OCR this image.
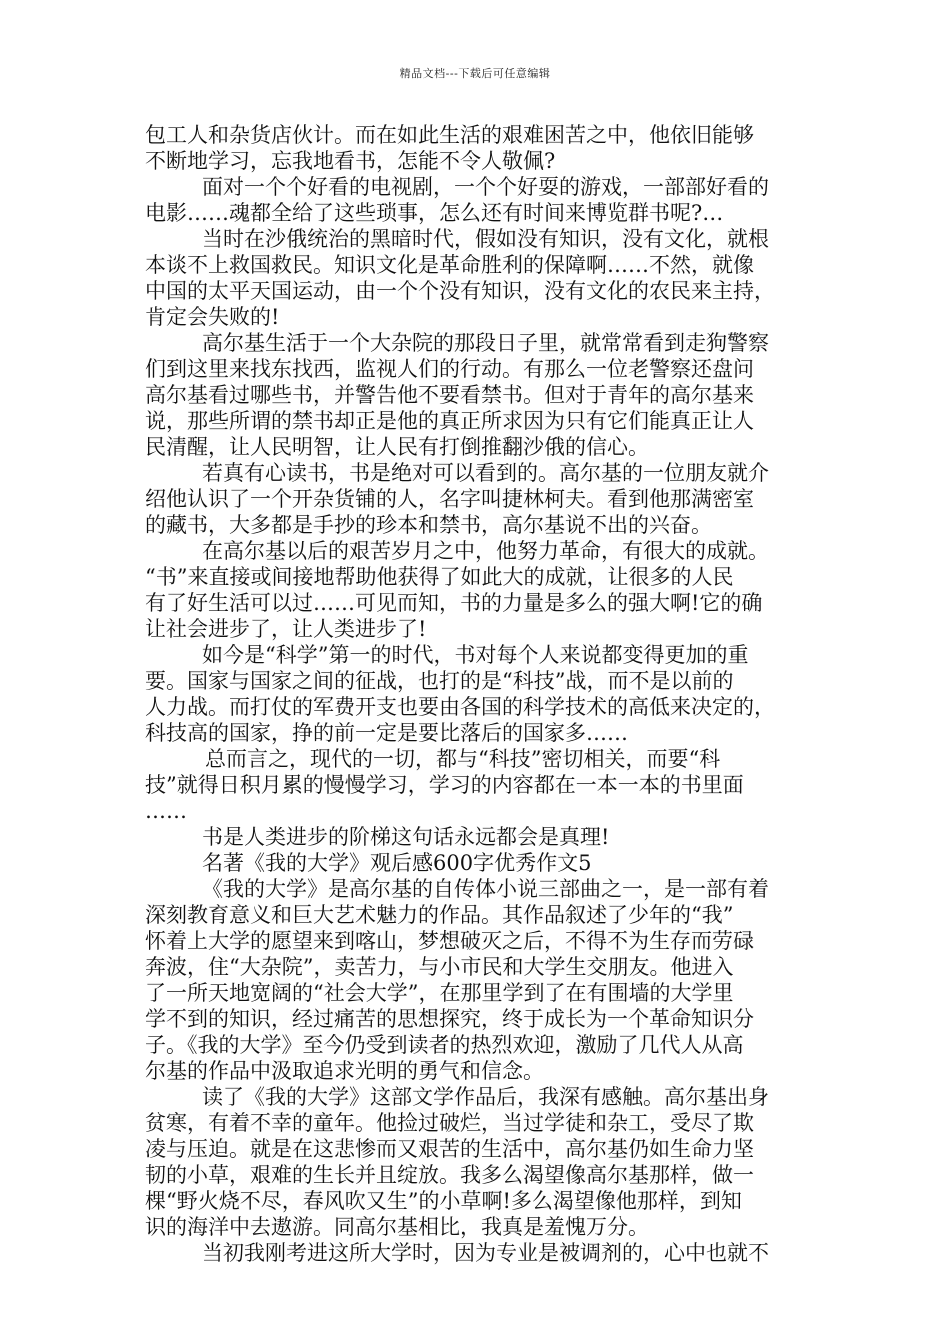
精品文档---下载后可任意编辑
包工人和杂货店伙计。而在如此生活的艰难困苦之中，他依旧能够
不断地学习，忘我地看书，怎能不令人敬佩?
面对一个个好看的电视剧，一个个好耍的游戏，一部部好看的
电影……魂都全给了这些琐事，怎么还有时间来博览群书呢?…
当时在沙俄统治的黑暗时代，假如没有知识，没有文化，就根
本谈不上救国救民。知识文化是革命胜利的保障啊……不然，就像
中国的太平天国运动，由一个个没有知识，没有文化的农民来主持，
肯定会失败的!
高尔基生活于一个大杂院的那段日子里，就常常看到走狗警察
们到这里来找东找西，监视人们的行动。有那么一位老警察还盘问
高尔基看过哪些书，并警告他不要看禁书。但对于青年的高尔基来
说，那些所谓的禁书却正是他的真正所求因为只有它们能真正让人
民清醒，让人民明智，让人民有打倒推翻沙俄的信心。
若真有心读书，书是绝对可以看到的。高尔基的一位朋友就介
绍他认识了一个开杂货铺的人，名字叫捷林柯夫。看到他那满密室
的藏书，大多都是手抄的珍本和禁书，高尔基说不出的兴奋。
在高尔基以后的艰苦岁月之中，他努力革命，有很大的成就。
“书”来直接或间接地帮助他获得了如此大的成就，让很多的人民
有了好生活可以过……可见而知，书的力量是多么的强大啊!它的确
让社会进步了，让人类进步了!
如今是“科学”第一的时代，书对每个人来说都变得更加的重
要。国家与国家之间的征战，也打的是“科技”战，而不是以前的
人力战。而打仗的军费开支也要由各国的科学技术的高低来决定的，
科技高的国家，挣的前一定是要比落后的国家多……
总而言之，现代的一切，都与“科技”密切相关，而要“科
技”就得日积月累的慢慢学习，学习的内容都在一本一本的书里面
……
书是人类进步的阶梯这句话永远都会是真理!
名著《我的大学》观后感600字优秀作文5
《我的大学》是高尔基的自传体小说三部曲之一，是一部有着
深刻教育意义和巨大艺术魅力的作品。其作品叙述了少年的“我”
怀着上大学的愿望来到喀山，梦想破灭之后，不得不为生存而劳碌
奔波，住“大杂院”，卖苦力，与小市民和大学生交朋友。他进入
了一所天地宽阔的“社会大学”，在那里学到了在有围墙的大学里
学不到的知识，经过痛苦的思想探究，终于成长为一个革命知识分
子。《我的大学》至今仍受到读者的热烈欢迎，激励了几代人从高
尔基的作品中汲取追求光明的勇气和信念。
读了《我的大学》这部文学作品后，我深有感触。高尔基出身
贫寒，有着不幸的童年。他捡过破烂，当过学徒和杂工，受尽了欺
凌与压迫。就是在这悲惨而又艰苦的生活中，高尔基仍如生命力坚
韧的小草，艰难的生长并且绽放。我多么渴望像高尔基那样，做一
棵“野火烧不尽，春风吹又生”的小草啊!多么渴望像他那样，到知
识的海洋中去遨游。同高尔基相比，我真是羞愧万分。
当初我刚考进这所大学时，因为专业是被调剂的，心中也就不
